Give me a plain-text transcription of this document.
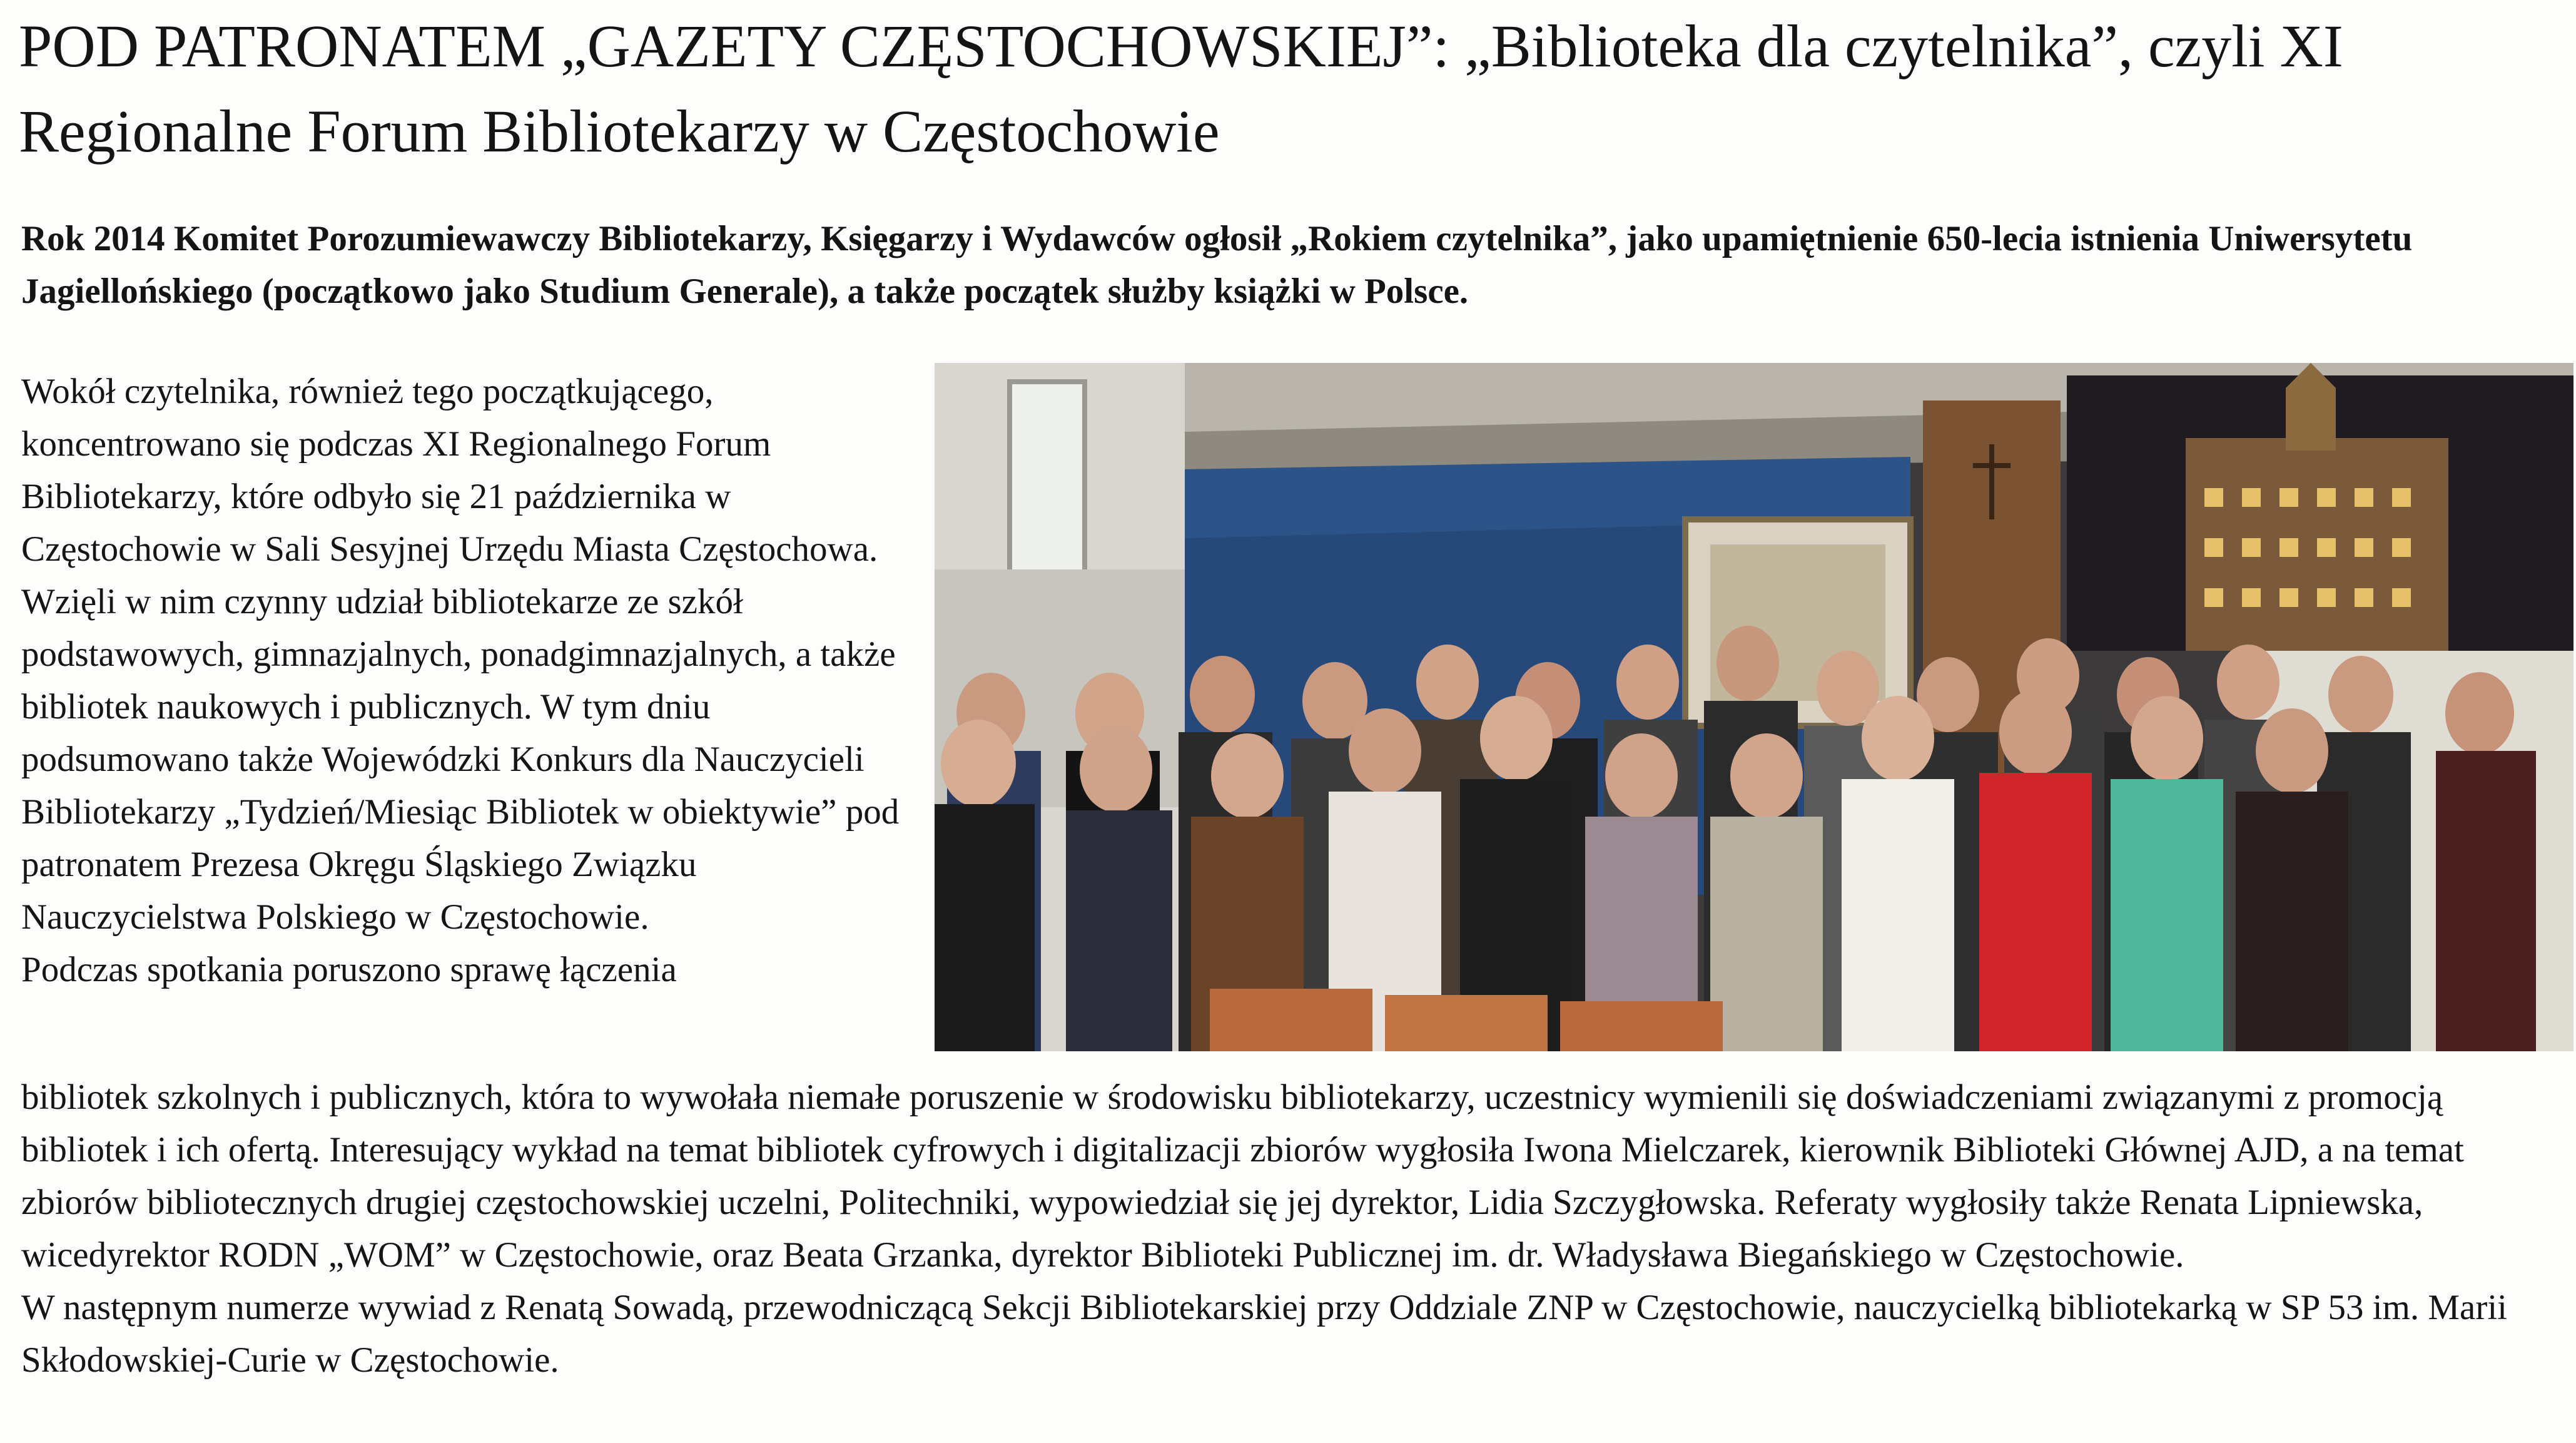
POD PATRONATEM „GAZETY CZĘSTOCHOWSKIEJ”: „Biblioteka dla czytelnika”, czyli XI Regionalne Forum Bibliotekarzy w Częstochowie

Rok 2014 Komitet Porozumiewawczy Bibliotekarzy, Księgarzy i Wydawców ogłosił „Rokiem czytelnika”, jako upamiętnienie 650-lecia istnienia Uniwersytetu Jagiellońskiego (początkowo jako Studium Generale), a także początek służby książki w Polsce.

Wokół czytelnika, również tego początkującego, koncentrowano się podczas XI Regionalnego Forum Bibliotekarzy, które odbyło się 21 października w Częstochowie w Sali Sesyjnej Urzędu Miasta Częstochowa. Wzięli w nim czynny udział bibliotekarze ze szkół podstawowych, gimnazjalnych, ponadgimnazjalnych, a także bibliotek naukowych i publicznych. W tym dniu podsumowano także Wojewódzki Konkurs dla Nauczycieli Bibliotekarzy „Tydzień/Miesiąc Bibliotek w obiektywie” pod patronatem Prezesa Okręgu Śląskiego Związku Nauczycielstwa Polskiego w Częstochowie.

Podczas spotkania poruszono sprawę łączenia

bibliotek szkolnych i publicznych, która to wywołała niemałe poruszenie w środowisku bibliotekarzy, uczestnicy wymienili się doświadczeniami związanymi z promocją bibliotek i ich ofertą. Interesujący wykład na temat bibliotek cyfrowych i digitalizacji zbiorów wygłosiła Iwona Mielczarek, kierownik Biblioteki Głównej AJD, a na temat zbiorów bibliotecznych drugiej częstochowskiej uczelni, Politechniki, wypowiedział się jej dyrektor, Lidia Szczygłowska. Referaty wygłosiły także Renata Lipniewska, wicedyrektor RODN „WOM” w Częstochowie, oraz Beata Grzanka, dyrektor Biblioteki Publicznej im. dr. Władysława Biegańskiego w Częstochowie.

W następnym numerze wywiad z Renatą Sowadą, przewodniczącą Sekcji Bibliotekarskiej przy Oddziale ZNP w Częstochowie, nauczycielką bibliotekarką w SP 53 im. Marii Skłodowskiej-Curie w Częstochowie.
